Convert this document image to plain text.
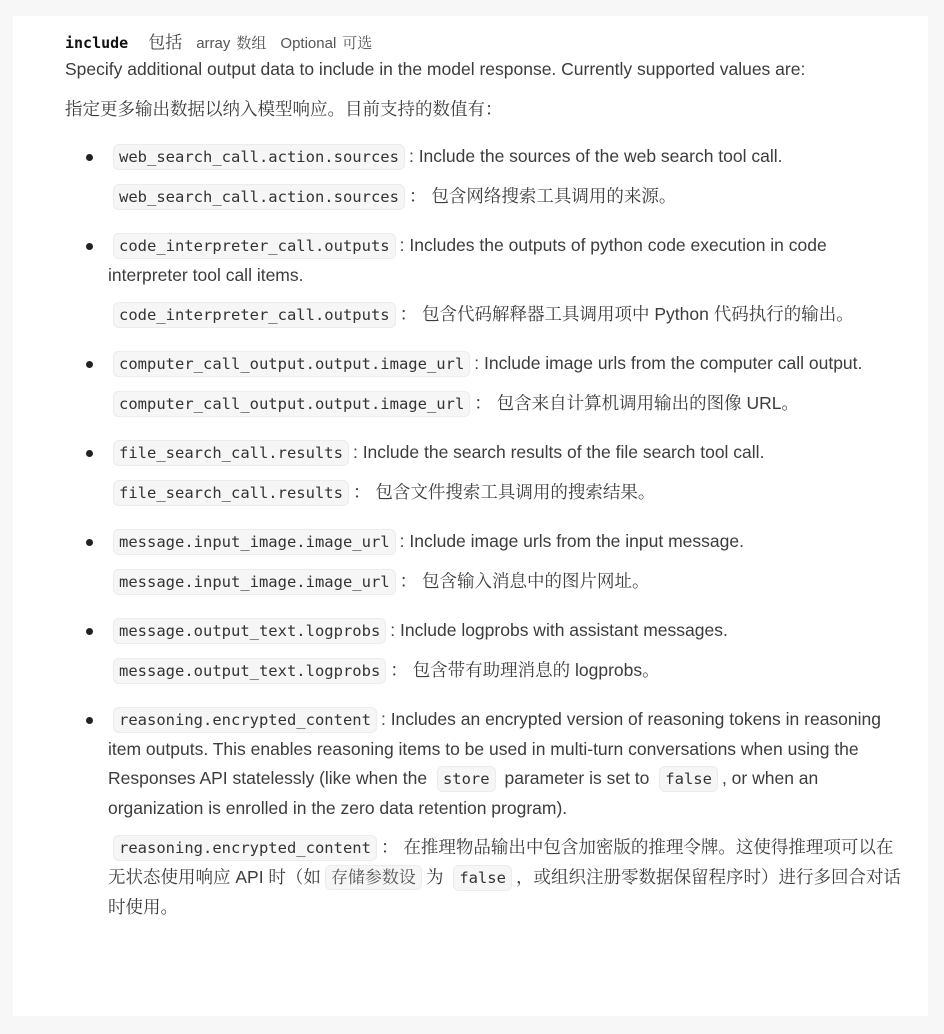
include 包括 array 数组 Optional 可选

Specify additional output data to include in the model response. Currently supported values are:

指定更多输出数据以纳入模型响应。目前支持的数值有：

web_search_call.action.sources : Include the sources of the web search tool call.

web_search_call.action.sources ： 包含网络搜索工具调用的来源。

code_interpreter_call.outputs : Includes the outputs of python code execution in code interpreter tool call items.

code_interpreter_call.outputs ： 包含代码解释器工具调用项中 Python 代码执行的输出。

computer_call_output.output.image_url : Include image urls from the computer call output.

computer_call_output.output.image_url ： 包含来自计算机调用输出的图像 URL。

file_search_call.results : Include the search results of the file search tool call.

file_search_call.results ： 包含文件搜索工具调用的搜索结果。

message.input_image.image_url : Include image urls from the input message.

message.input_image.image_url ： 包含输入消息中的图片网址。

message.output_text.logprobs : Include logprobs with assistant messages.

message.output_text.logprobs ： 包含带有助理消息的 logprobs。

reasoning.encrypted_content : Includes an encrypted version of reasoning tokens in reasoning item outputs. This enables reasoning items to be used in multi-turn conversations when using the Responses API statelessly (like when the store parameter is set to false , or when an organization is enrolled in the zero data retention program).

reasoning.encrypted_content ： 在推理物品输出中包含加密版的推理令牌。这使得推理项可以在无状态使用响应 API 时（如 存储参数设 为 false ，或组织注册零数据保留程序时）进行多回合对话时使用。
